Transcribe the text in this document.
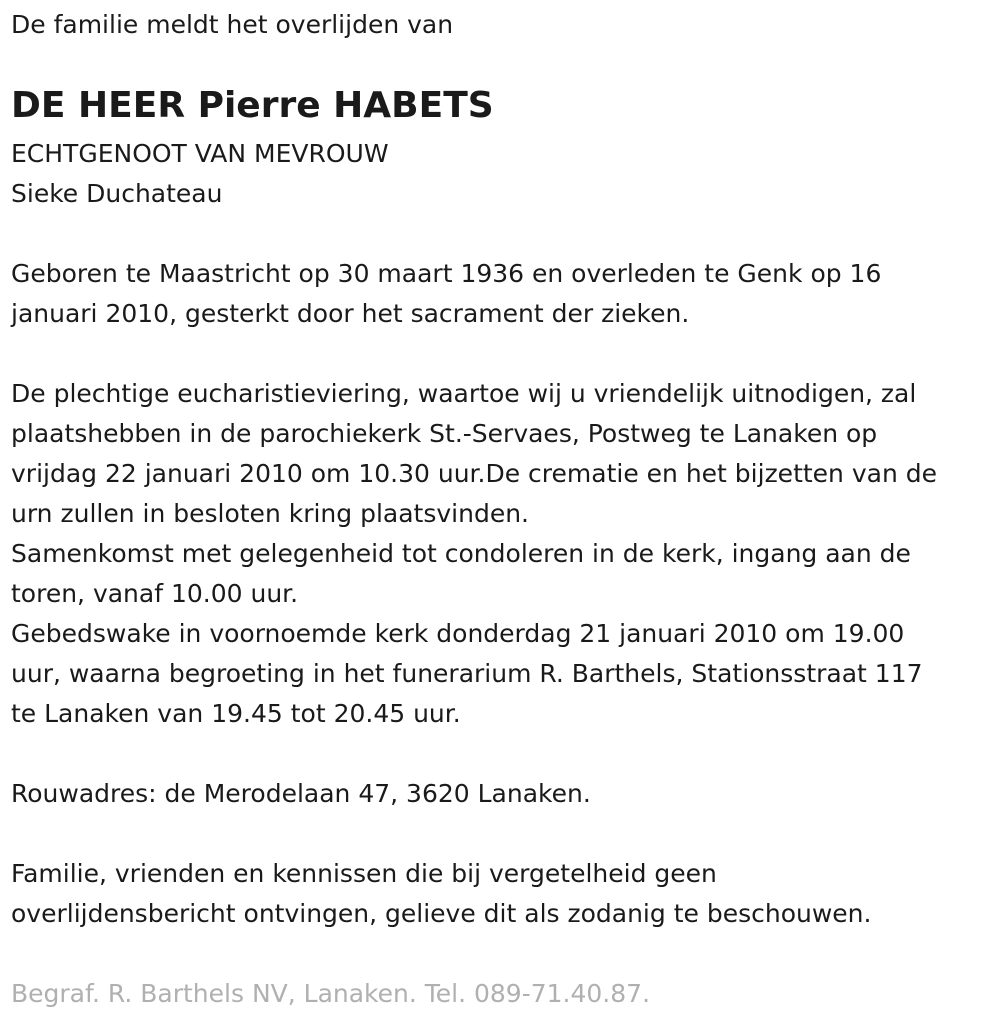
De familie meldt het overlijden van
DE HEER Pierre HABETS
ECHTGENOOT VAN MEVROUW
Sieke Duchateau
Geboren te Maastricht op 30 maart 1936 en overleden te Genk op 16
januari 2010, gesterkt door het sacrament der zieken.
De plechtige eucharistieviering, waartoe wij u vriendelijk uitnodigen, zal
plaatshebben in de parochiekerk St.-Servaes, Postweg te Lanaken op
vrijdag 22 januari 2010 om 10.30 uur.De crematie en het bijzetten van de
urn zullen in besloten kring plaatsvinden.
Samenkomst met gelegenheid tot condoleren in de kerk, ingang aan de
toren, vanaf 10.00 uur.
Gebedswake in voornoemde kerk donderdag 21 januari 2010 om 19.00
uur, waarna begroeting in het funerarium R. Barthels, Stationsstraat 117
te Lanaken van 19.45 tot 20.45 uur.
Rouwadres: de Merodelaan 47, 3620 Lanaken.
Familie, vrienden en kennissen die bij vergetelheid geen
overlijdensbericht ontvingen, gelieve dit als zodanig te beschouwen.
Begraf. R. Barthels NV, Lanaken. Tel. 089-71.40.87.
